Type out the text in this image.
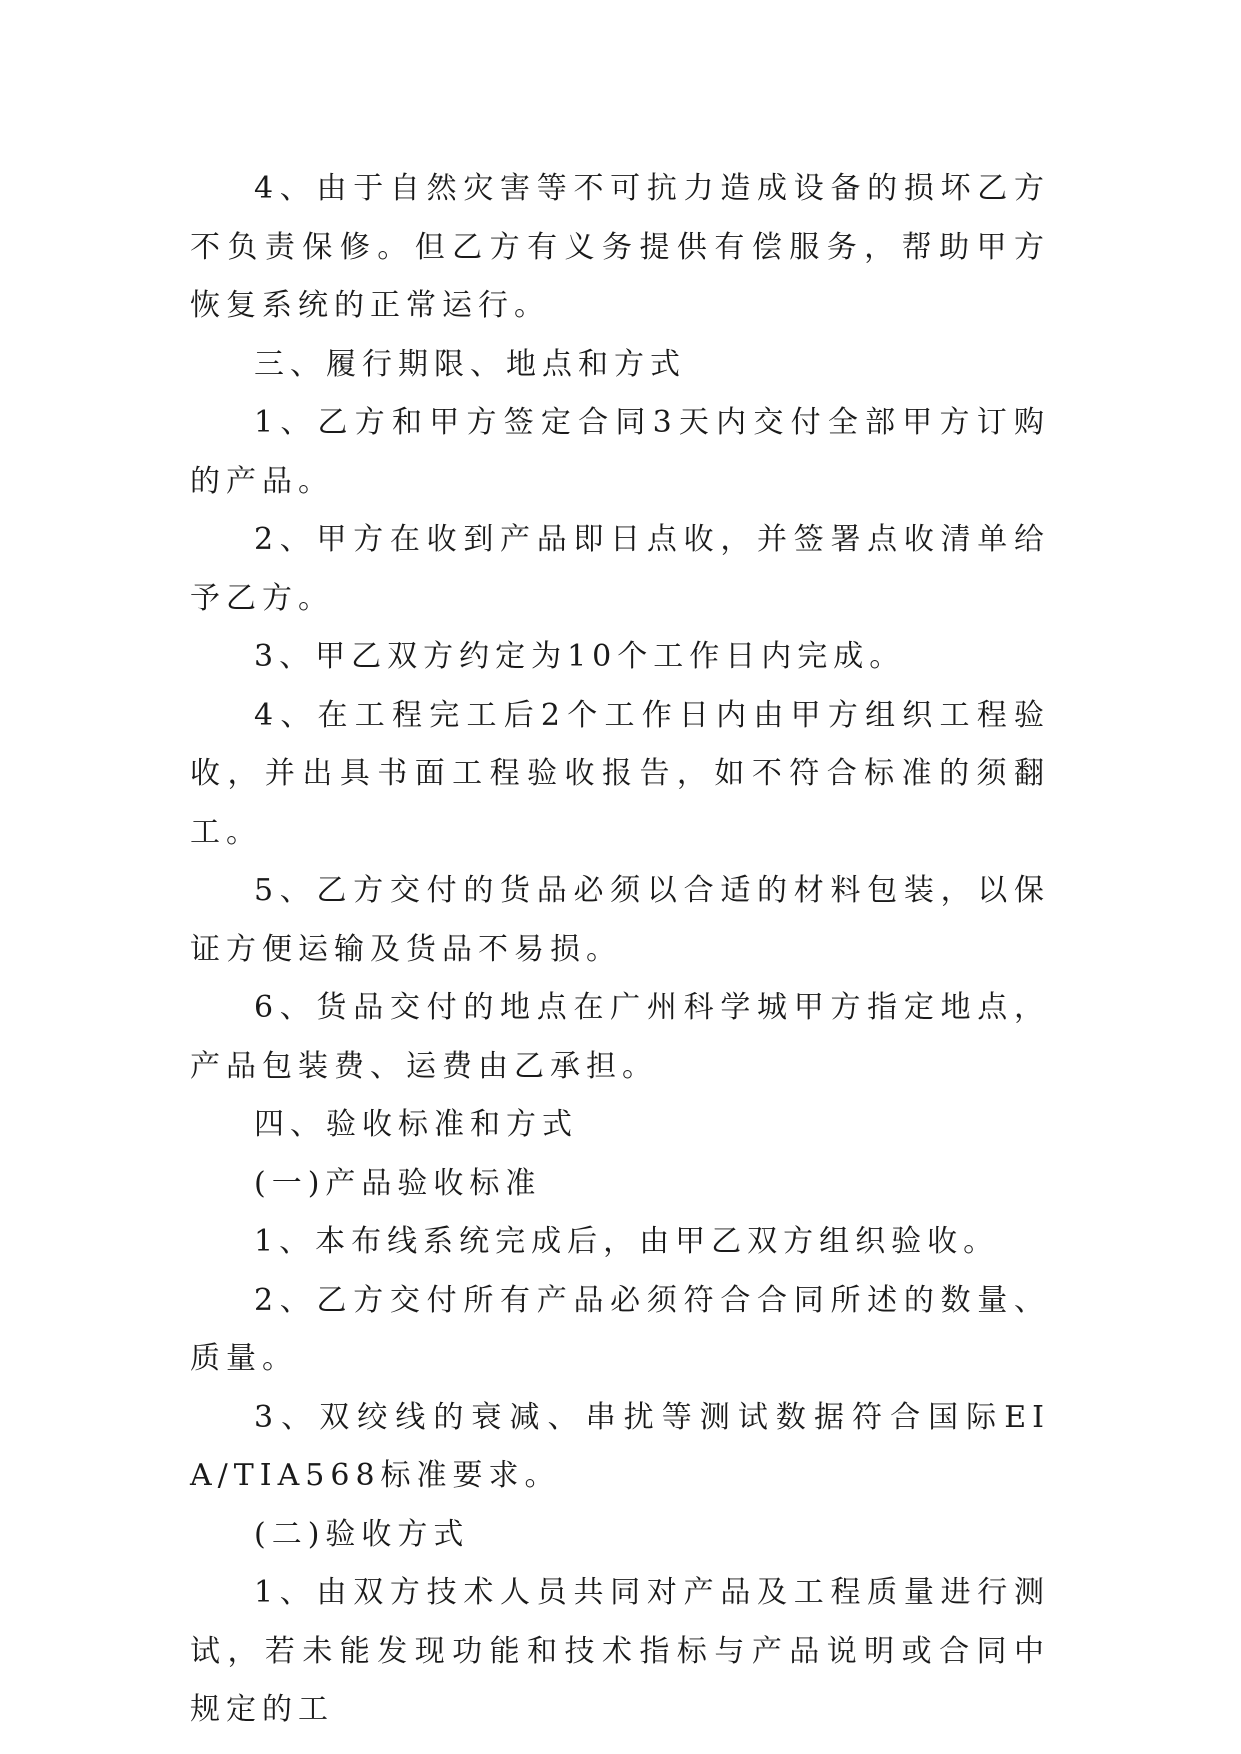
4、由于自然灾害等不可抗力造成设备的损坏乙方不负责保修。但乙方有义务提供有偿服务，帮助甲方恢复系统的正常运行。

三、履行期限、地点和方式

1、乙方和甲方签定合同3天内交付全部甲方订购的产品。

2、甲方在收到产品即日点收，并签署点收清单给予乙方。

3、甲乙双方约定为10个工作日内完成。

4、在工程完工后2个工作日内由甲方组织工程验收，并出具书面工程验收报告，如不符合标准的须翻工。

5、乙方交付的货品必须以合适的材料包装，以保证方便运输及货品不易损。

6、货品交付的地点在广州科学城甲方指定地点，产品包装费、运费由乙承担。

四、验收标准和方式

(一)产品验收标准

1、本布线系统完成后，由甲乙双方组织验收。

2、乙方交付所有产品必须符合合同所述的数量、质量。

3、双绞线的衰减、串扰等测试数据符合国际EIA/TIA568标准要求。

(二)验收方式

1、由双方技术人员共同对产品及工程质量进行测试，若未能发现功能和技术指标与产品说明或合同中规定的工
